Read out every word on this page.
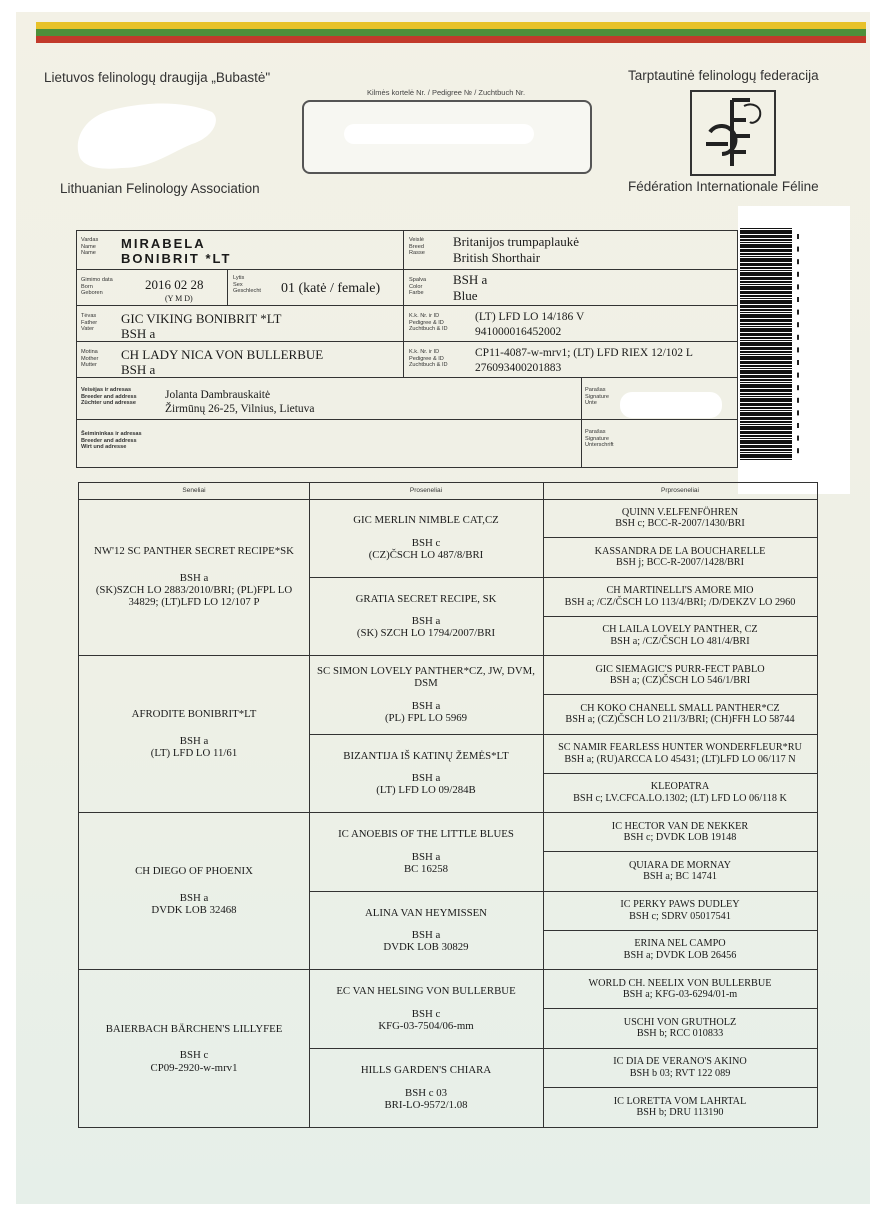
Lietuvos felinologų draugija „Bubastė"
Lithuanian Felinology Association
Tarptautinė felinologų federacija
Fédération Internationale Féline
Kilmės kortelė Nr. / Pedigree № / Zuchtbuch Nr.
Vardas
Name
Name
MIRABELA
BONIBRIT *LT
Veislė
Breed
Rasse
Britanijos trumpaplaukė
British Shorthair
Gimimo data
Born
Geboren
2016 02 28
(Y M D)
Lytis
Sex
Geschlecht 01 (katė / female)
Spalva
Color
Farbe
BSH a
Blue
Tėvas
Father
Vater
GIC VIKING BONIBRIT *LT
BSH a
K.k. Nr. ir ID
Pedigree & ID
Zuchtbuch & ID
(LT) LFD LO 14/186 V
941000016452002
Motina
Mother
Mutter
CH LADY NICA VON BULLERBUE
BSH a
K.k. Nr. ir ID
Pedigree & ID
Zuchtbuch & ID
CP11-4087-w-mrv1; (LT) LFD RIEX 12/102 L
276093400201883
Veisėjas ir adresas
Breeder and address
Züchter und adresse
Jolanta Dambrauskaitė
Žirmūnų 26-25, Vilnius, Lietuva
Parašas
Signature
Unte
Šeimininkas ir adresas
Breeder and address
Wirt und adresse
Parašas
Signature
Unterschrift
Seneliai	Proseneliai	Prproseneliai
NW'12 SC PANTHER SECRET RECIPE*SK
BSH a
(SK)SZCH LO 2883/2010/BRI; (PL)FPL LO 34829; (LT)LFD LO 12/107 P
AFRODITE BONIBRIT*LT
BSH a
(LT) LFD LO 11/61
CH DIEGO OF PHOENIX
BSH a
DVDK LOB 32468
BAIERBACH BÄRCHEN'S LILLYFEE
BSH c
CP09-2920-w-mrv1
GIC MERLIN NIMBLE CAT,CZ
BSH c
(CZ)ČSCH LO 487/8/BRI
GRATIA SECRET RECIPE, SK
BSH a
(SK) SZCH LO 1794/2007/BRI
SC SIMON LOVELY PANTHER*CZ, JW, DVM, DSM
BSH a
(PL) FPL LO 5969
BIZANTIJA IŠ KATINŲ ŽEMĖS*LT
BSH a
(LT) LFD LO 09/284B
IC ANOEBIS OF THE LITTLE BLUES
BSH a
BC 16258
ALINA VAN HEYMISSEN
BSH a
DVDK LOB 30829
EC VAN HELSING VON BULLERBUE
BSH c
KFG-03-7504/06-mm
HILLS GARDEN'S CHIARA
BSH c 03
BRI-LO-9572/1.08
QUINN V.ELFENFÖHREN
BSH c; BCC-R-2007/1430/BRI
KASSANDRA DE LA BOUCHARELLE
BSH j; BCC-R-2007/1428/BRI
CH MARTINELLI'S AMORE MIO
BSH a; /CZ/ČSCH LO 113/4/BRI; /D/DEKZV LO 2960
CH LAILA LOVELY PANTHER, CZ
BSH a; /CZ/ČSCH LO 481/4/BRI
GIC SIEMAGIC'S PURR-FECT PABLO
BSH a; (CZ)ČSCH LO 546/1/BRI
CH KOKO CHANELL SMALL PANTHER*CZ
BSH a; (CZ)ČSCH LO 211/3/BRI; (CH)FFH LO 58744
SC NAMIR FEARLESS HUNTER WONDERFLEUR*RU
BSH a; (RU)ARCCA LO 45431; (LT)LFD LO 06/117 N
KLEOPATRA
BSH c; LV.CFCA.LO.1302; (LT) LFD LO 06/118 K
IC HECTOR VAN DE NEKKER
BSH c; DVDK LOB 19148
QUIARA DE MORNAY
BSH a; BC 14741
IC PERKY PAWS DUDLEY
BSH c; SDRV 05017541
ERINA NEL CAMPO
BSH a; DVDK LOB 26456
WORLD CH. NEELIX VON BULLERBUE
BSH a; KFG-03-6294/01-m
USCHI VON GRUTHOLZ
BSH b; RCC 010833
IC DIA DE VERANO'S AKINO
BSH b 03; RVT 122 089
IC LORETTA VOM LAHRTAL
BSH b; DRU 113190
